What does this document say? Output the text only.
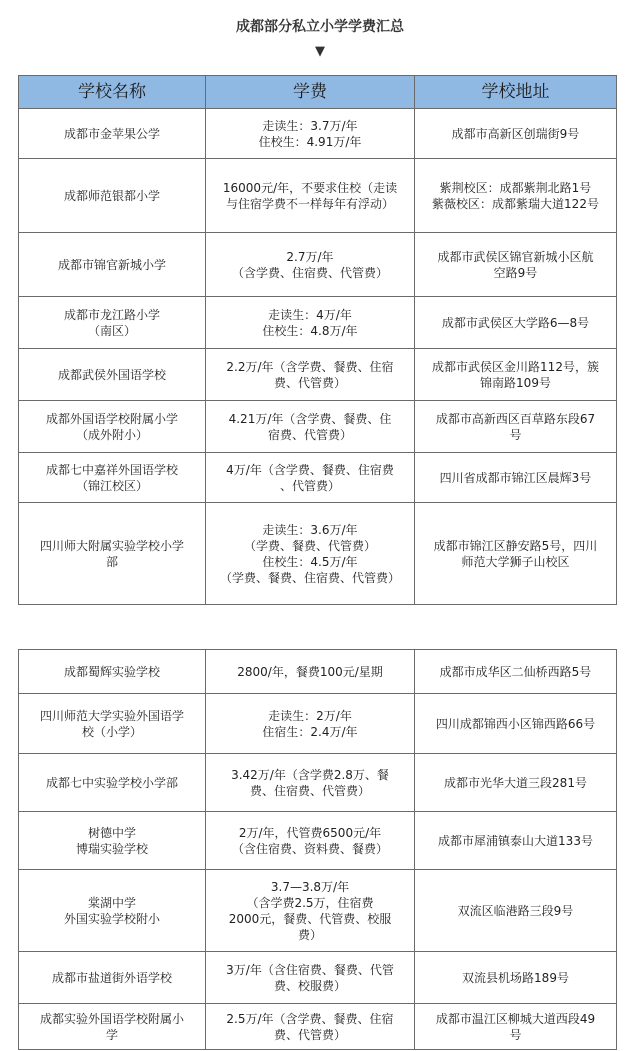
成都部分私立小学学费汇总
▼
学校名称	学费	学校地址

成都市金苹果公学	走读生：3.7万/年
住校生：4.91万/年	成都市高新区创瑞街9号

成都师范银都小学	16000元/年，不要求住校（走读
与住宿学费不一样每年有浮动）	紫荆校区：成都紫荆北路1号
紫薇校区：成都紫瑞大道122号

成都市锦官新城小学	2.7万/年
（含学费、住宿费、代管费）	成都市武侯区锦官新城小区航
空路9号

成都市龙江路小学
（南区）	走读生：4万/年
住校生：4.8万/年	成都市武侯区大学路6—8号

成都武侯外国语学校	2.2万/年（含学费、餐费、住宿
费、代管费）	成都市武侯区金川路112号，簇
锦南路109号

成都外国语学校附属小学
（成外附小）	4.21万/年（含学费、餐费、住
宿费、代管费）	成都市高新西区百草路东段67
号

成都七中嘉祥外国语学校
（锦江校区）	4万/年（含学费、餐费、住宿费
、代管费）	四川省成都市锦江区晨辉3号

四川师大附属实验学校小学
部	走读生：3.6万/年
（学费、餐费、代管费）
住校生：4.5万/年
（学费、餐费、住宿费、代管费）	成都市锦江区静安路5号，四川
师范大学狮子山校区
成都蜀辉实验学校	2800/年，餐费100元/星期	成都市成华区二仙桥西路5号

四川师范大学实验外国语学
校（小学）	走读生：2万/年
住宿生：2.4万/年	四川成都锦西小区锦西路66号

成都七中实验学校小学部	3.42万/年（含学费2.8万、餐
费、住宿费、代管费）	成都市光华大道三段281号

树德中学
博瑞实验学校	2万/年，代管费6500元/年
（含住宿费、资料费、餐费）	成都市犀浦镇泰山大道133号

棠湖中学
外国实验学校附小	3.7—3.8万/年
（含学费2.5万，住宿费
2000元，餐费、代管费、校服
费）	双流区临港路三段9号

成都市盐道街外语学校	3万/年（含住宿费、餐费、代管
费、校服费）	双流县机场路189号

成都实验外国语学校附属小
学	2.5万/年（含学费、餐费、住宿
费、代管费）	成都市温江区柳城大道西段49
号
